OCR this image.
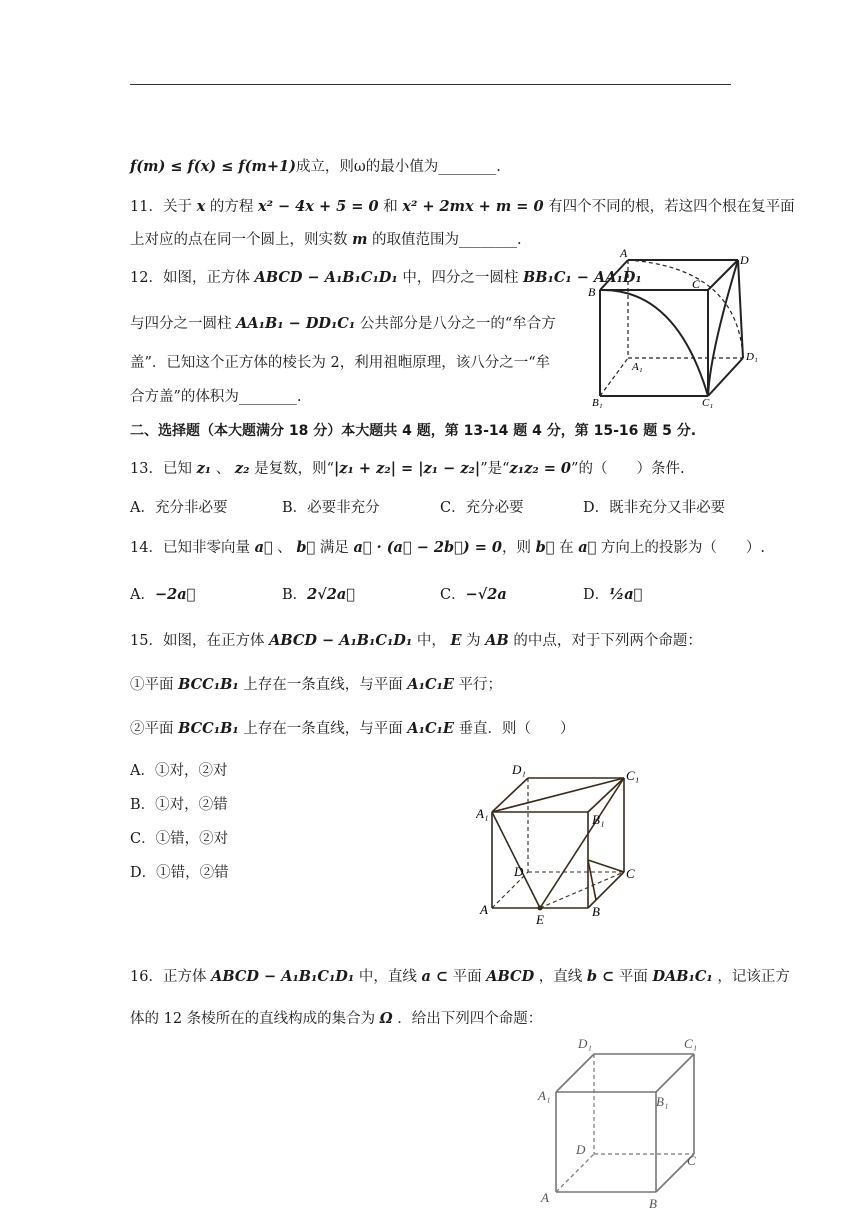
f(m) ≤ f(x) ≤ f(m+1)成立，则ω的最小值为________.
11．关于 x 的方程 x² − 4x + 5 = 0 和 x² + 2mx + m = 0 有四个不同的根，若这四个根在复平面
上对应的点在同一个圆上，则实数 m 的取值范围为________.
12．如图，正方体 ABCD − A₁B₁C₁D₁ 中，四分之一圆柱 BB₁C₁ − AA₁D₁
与四分之一圆柱 AA₁B₁ − DD₁C₁ 公共部分是八分之一的“牟合方
盖”．已知这个正方体的棱长为 2，利用祖暅原理，该八分之一“牟
合方盖”的体积为________.
A	D
B
C
A₁
D₁
B₁	C₁
二、选择题（本大题满分 18 分）本大题共 4 题，第 13-14 题 4 分，第 15-16 题 5 分.
13．已知 z₁ 、 z₂ 是复数，则“|z₁ + z₂| = |z₁ − z₂|”是“z₁z₂ = 0”的（　　）条件.
A．充分非必要	B．必要非充分	C．充分必要	D．既非充分又非必要
14．已知非零向量 a⃗ 、 b⃗ 满足 a⃗ · (a⃗ − 2b⃗) = 0，则 b⃗ 在 a⃗ 方向上的投影为（　　）.
A．−2a⃗	B．2√2a⃗	C．−√2a	D．½a⃗
15．如图，在正方体 ABCD − A₁B₁C₁D₁ 中， E 为 AB 的中点，对于下列两个命题：
①平面 BCC₁B₁ 上存在一条直线，与平面 A₁C₁E 平行；
②平面 BCC₁B₁ 上存在一条直线，与平面 A₁C₁E 垂直．则（　　）
A．①对，②对
B．①对，②错
C．①错，②对
D．①错，②错
D₁	C₁
A₁	B₁
D	C
A
E
B
16．正方体 ABCD − A₁B₁C₁D₁ 中，直线 a ⊂ 平面 ABCD ，直线 b ⊂ 平面 DAB₁C₁ ，记该正方
体的 12 条棱所在的直线构成的集合为 Ω ．给出下列四个命题：
D₁	C₁
A₁	B₁
D
C
A	B
